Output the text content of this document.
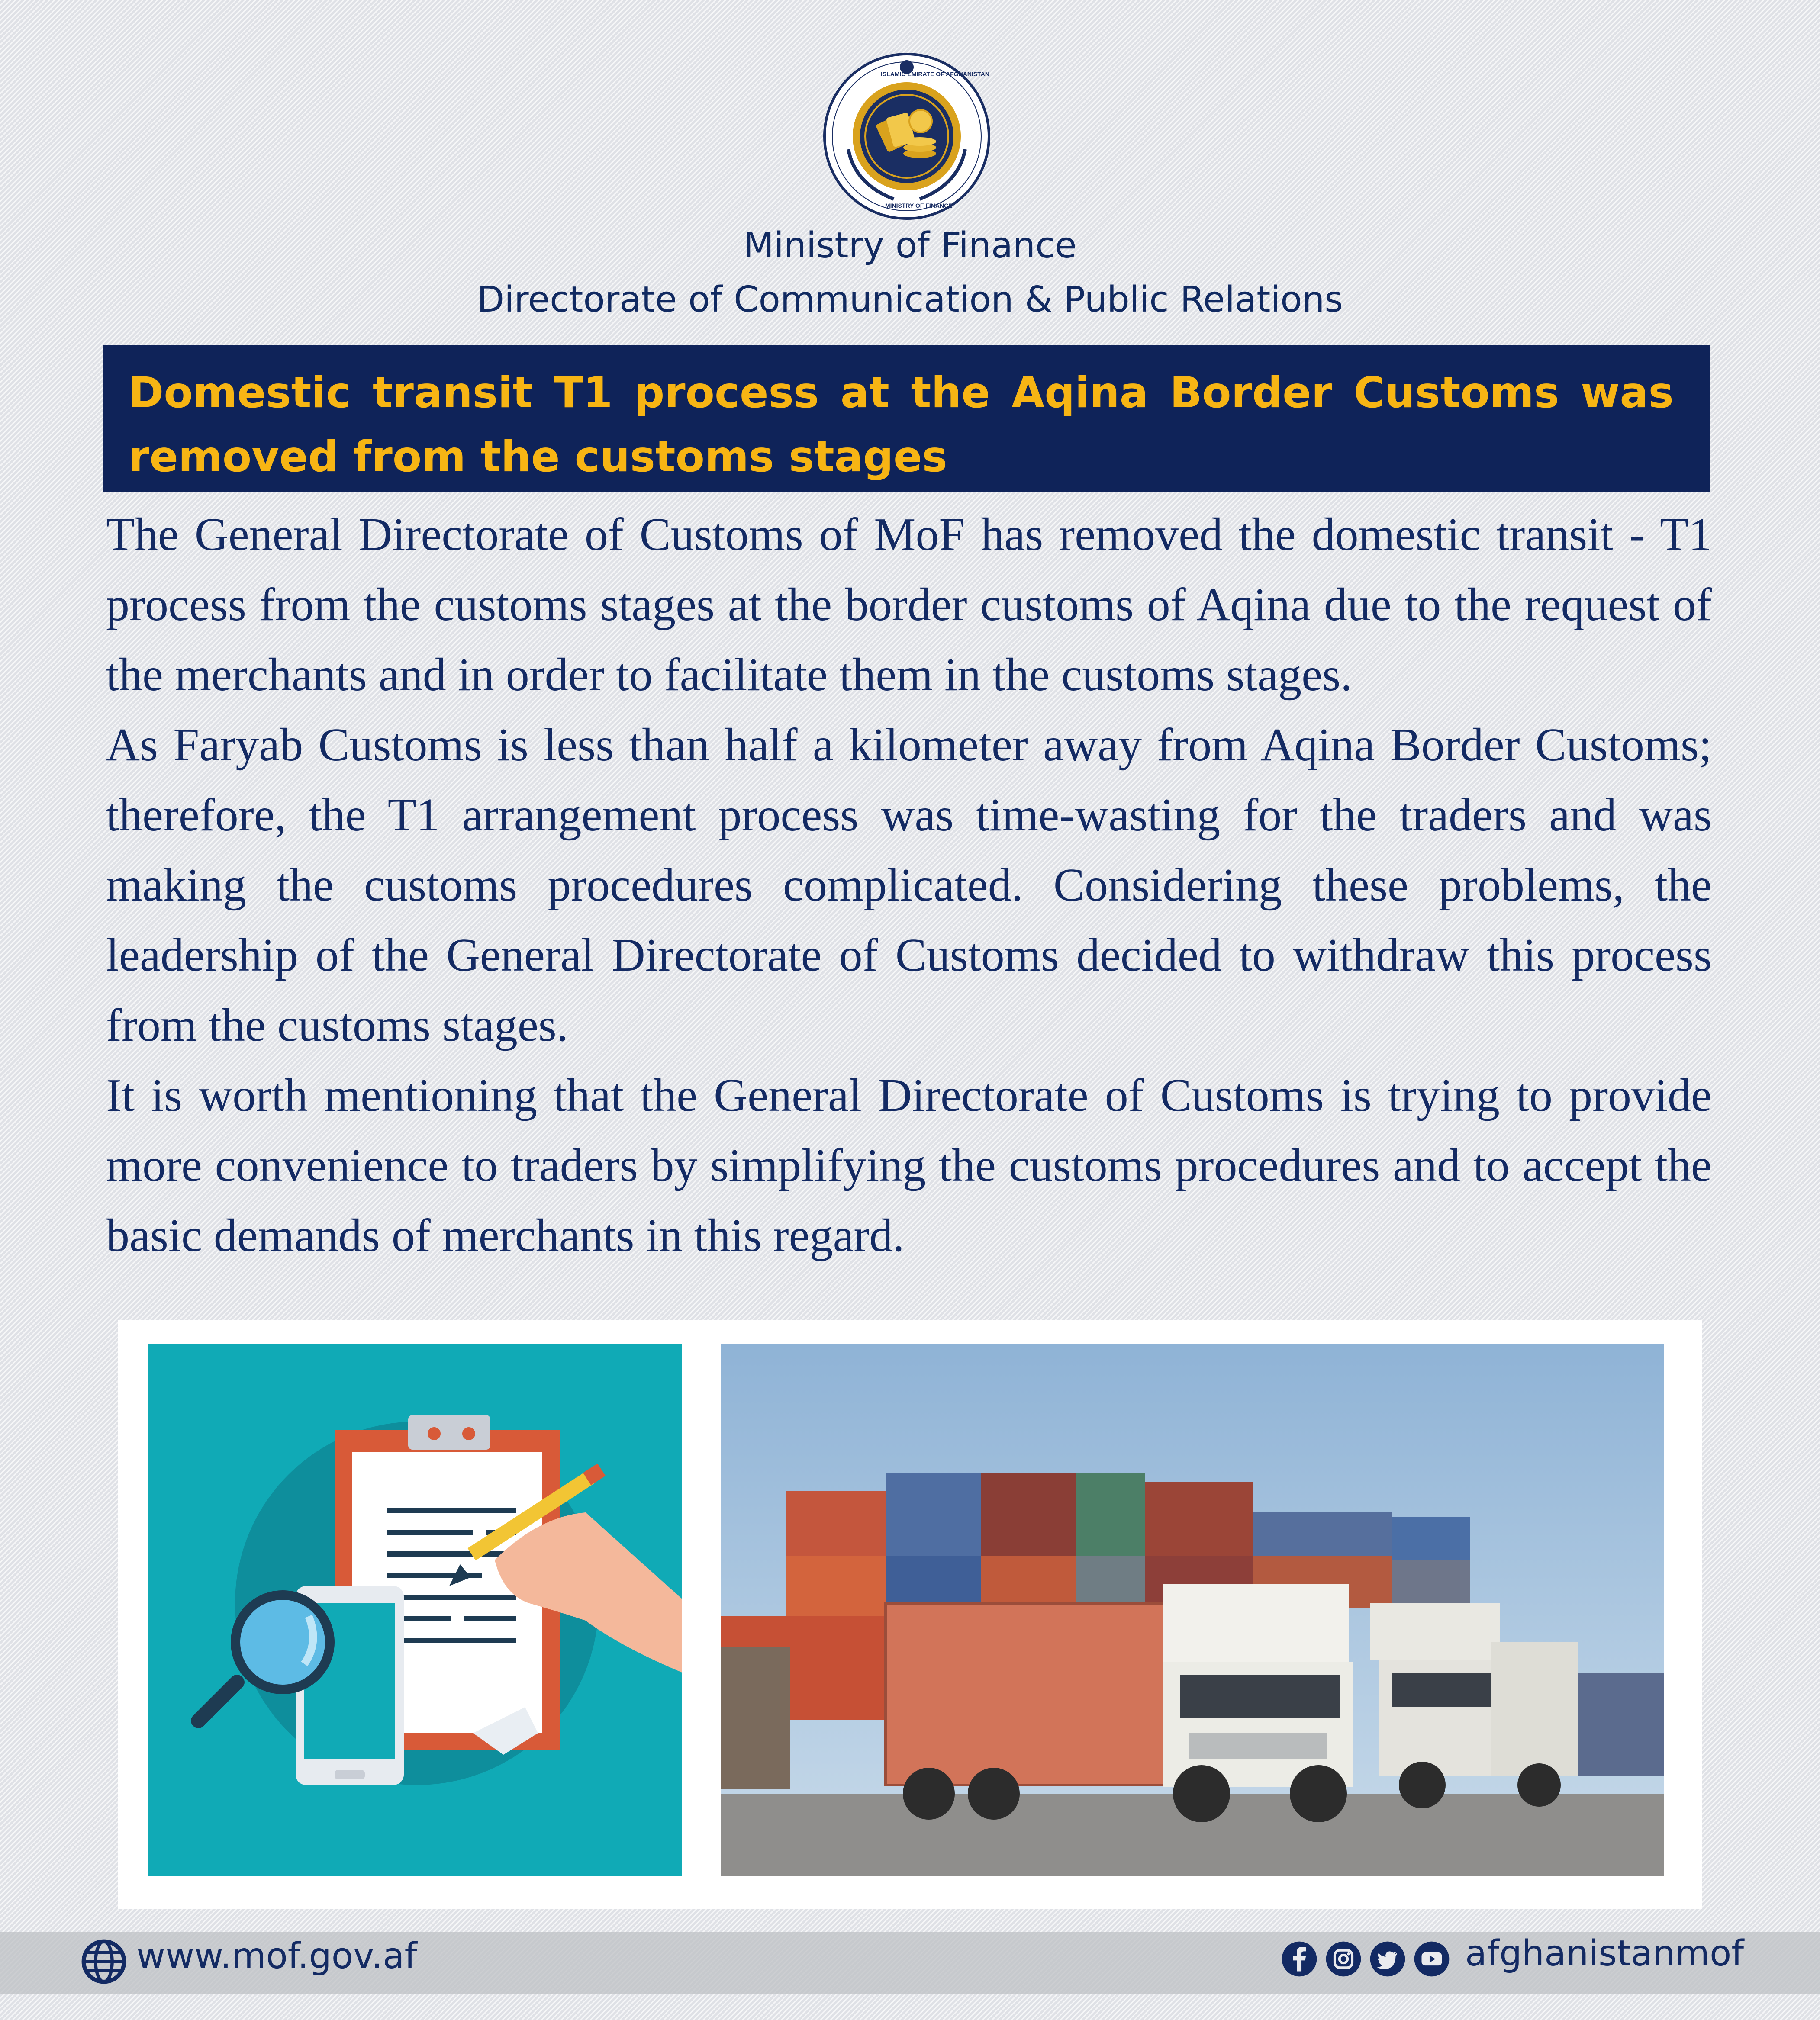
ISLAMIC EMIRATE OF AFGHANISTAN
MINISTRY OF FINANCE
Ministry of Finance
Directorate of Communication & Public Relations

Domestic transit T1 process at the Aqina Border Customs was removed from the customs stages

The General Directorate of Customs of MoF has removed the domestic transit - T1 process from the customs stages at the border customs of Aqina due to the request of the merchants and in order to facilitate them in the customs stages.

As Faryab Customs is less than half a kilometer away from Aqina Border Customs; therefore, the T1 arrangement process was time-wasting for the traders and was making the customs procedures complicated. Considering these problems, the leadership of the General Directorate of Customs decided to withdraw this process from the customs stages.

It is worth mentioning that the General Directorate of Customs is trying to provide more convenience to traders by simplifying the customs procedures and to accept the basic demands of merchants in this regard.

www.mof.gov.af	afghanistanmof
